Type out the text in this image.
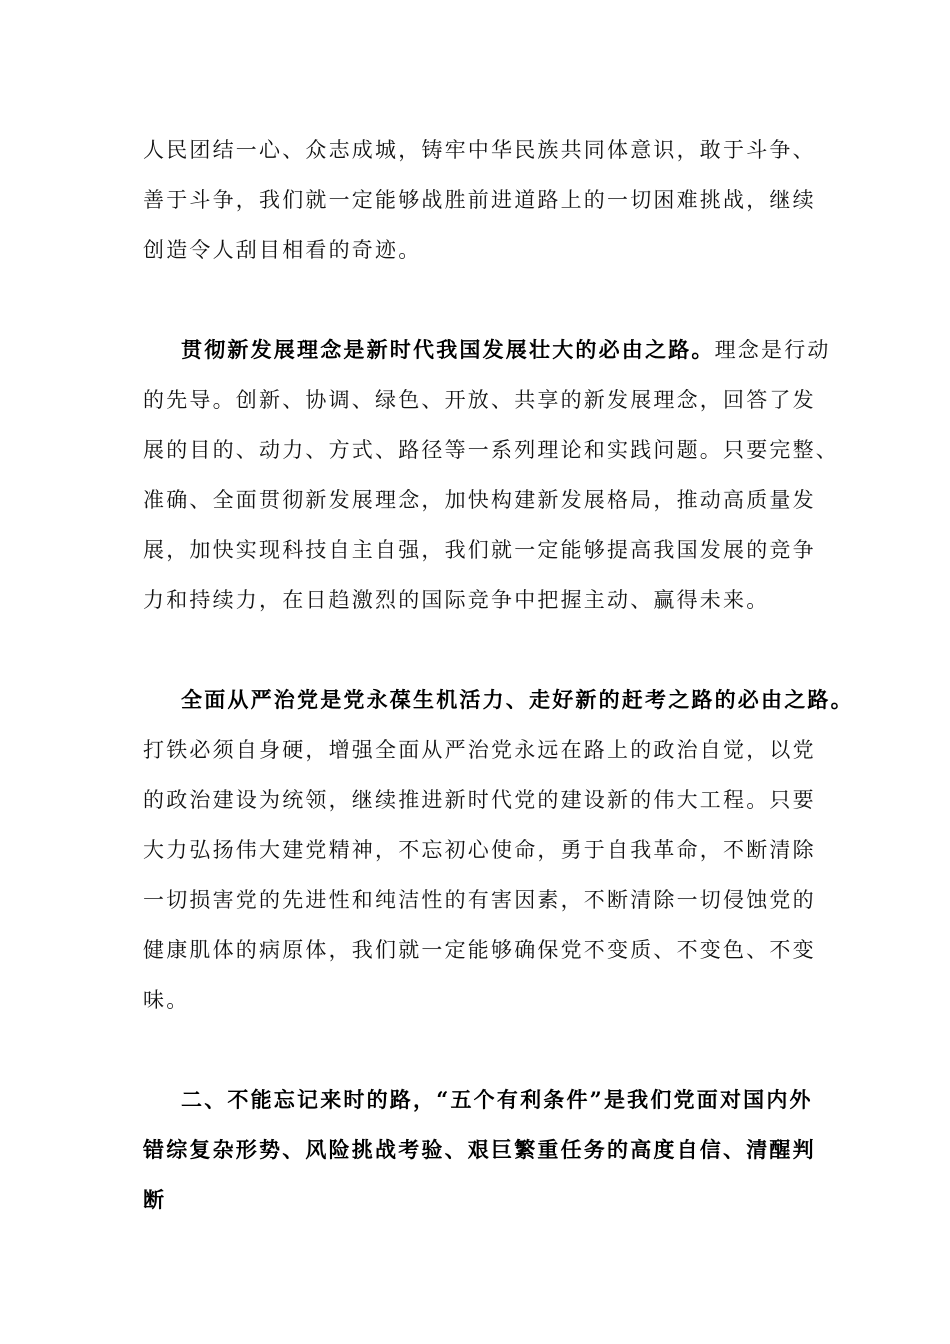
人民团结一心、众志成城，铸牢中华民族共同体意识，敢于斗争、
善于斗争，我们就一定能够战胜前进道路上的一切困难挑战，继续
创造令人刮目相看的奇迹。
贯彻新发展理念是新时代我国发展壮大的必由之路。理念是行动
的先导。创新、协调、绿色、开放、共享的新发展理念，回答了发
展的目的、动力、方式、路径等一系列理论和实践问题。只要完整、
准确、全面贯彻新发展理念，加快构建新发展格局，推动高质量发
展，加快实现科技自主自强，我们就一定能够提高我国发展的竞争
力和持续力，在日趋激烈的国际竞争中把握主动、赢得未来。
全面从严治党是党永葆生机活力、走好新的赶考之路的必由之路。
打铁必须自身硬，增强全面从严治党永远在路上的政治自觉，以党
的政治建设为统领，继续推进新时代党的建设新的伟大工程。只要
大力弘扬伟大建党精神，不忘初心使命，勇于自我革命，不断清除
一切损害党的先进性和纯洁性的有害因素，不断清除一切侵蚀党的
健康肌体的病原体，我们就一定能够确保党不变质、不变色、不变
味。
二、不能忘记来时的路，“五个有利条件”是我们党面对国内外
错综复杂形势、风险挑战考验、艰巨繁重任务的高度自信、清醒判
断
